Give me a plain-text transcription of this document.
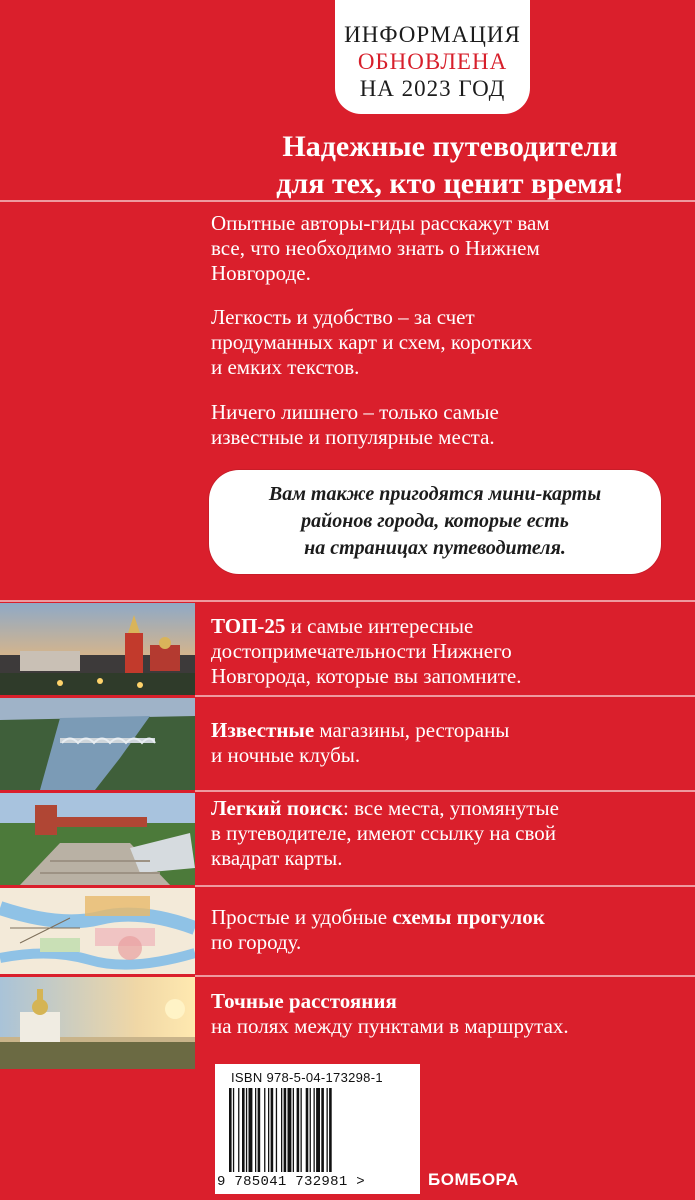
ИНФОРМАЦИЯ
ОБНОВЛЕНА
НА 2023 ГОД
Надежные путеводители
для тех, кто ценит время!
Опытные авторы-гиды расскажут вам
все, что необходимо знать о Нижнем
Новгороде.
Легкость и удобство – за счет
продуманных карт и схем, коротких
и емких текстов.
Ничего лишнего – только самые
известные и популярные места.
Вам также пригодятся мини-карты
районов города, которые есть
на страницах путеводителя.
ТОП-25 и самые интересные
достопримечательности Нижнего
Новгорода, которые вы запомните.
Известные магазины, рестораны
и ночные клубы.
Легкий поиск: все места, упомянутые
в путеводителе, имеют ссылку на свой
квадрат карты.
Простые и удобные схемы прогулок
по городу.
Точные расстояния
на полях между пунктами в маршрутах.
ISBN 978-5-04-173298-1
9 785041 732981 >	БОМБОРА
